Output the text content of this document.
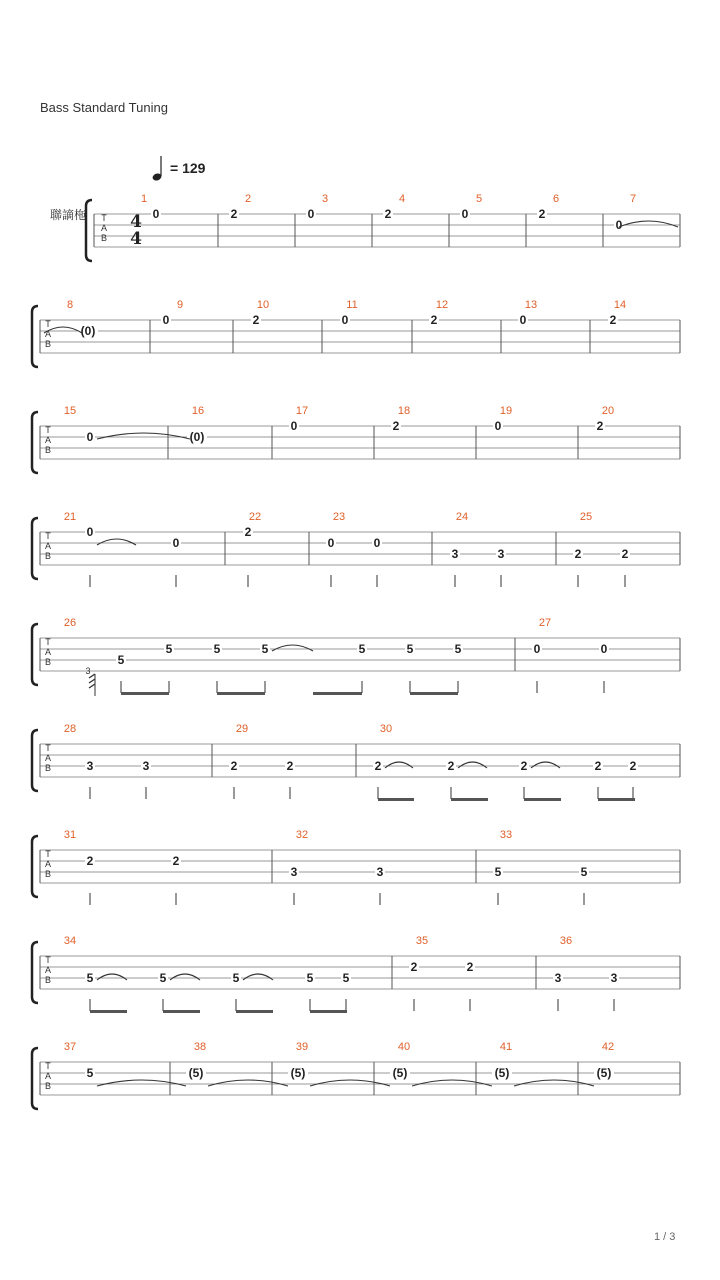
Bass Standard Tuning
= 129
聯謫柂 T
A
B
4
4
1
0
2
2
3
0
4
2
5
0
6
2
7
0
T
A
B
8
(0)
9
0
10
2
11
0
12
2
13
0
14
2
T
A
B
15
0
16
(0)
17
0
18
2
19
0
20
2
T
A
B
21
0
0
22
2
23
0	0
24
3	3
25
2	2
T
A
B
26
5
5	5	5	5	5	5
3
27
0	0
T
A
B
28
3	3
29
2	2
30
2	2	2	2 2
T
A
B
31
2	2
32
3	3
33
5	5
T
A
B
34
5	5	5	5 5
35
2	2
36
3	3
T
A
B
37
5
38
(5)
39
(5)
40
(5)
41
(5)
42
(5)
1 / 3
